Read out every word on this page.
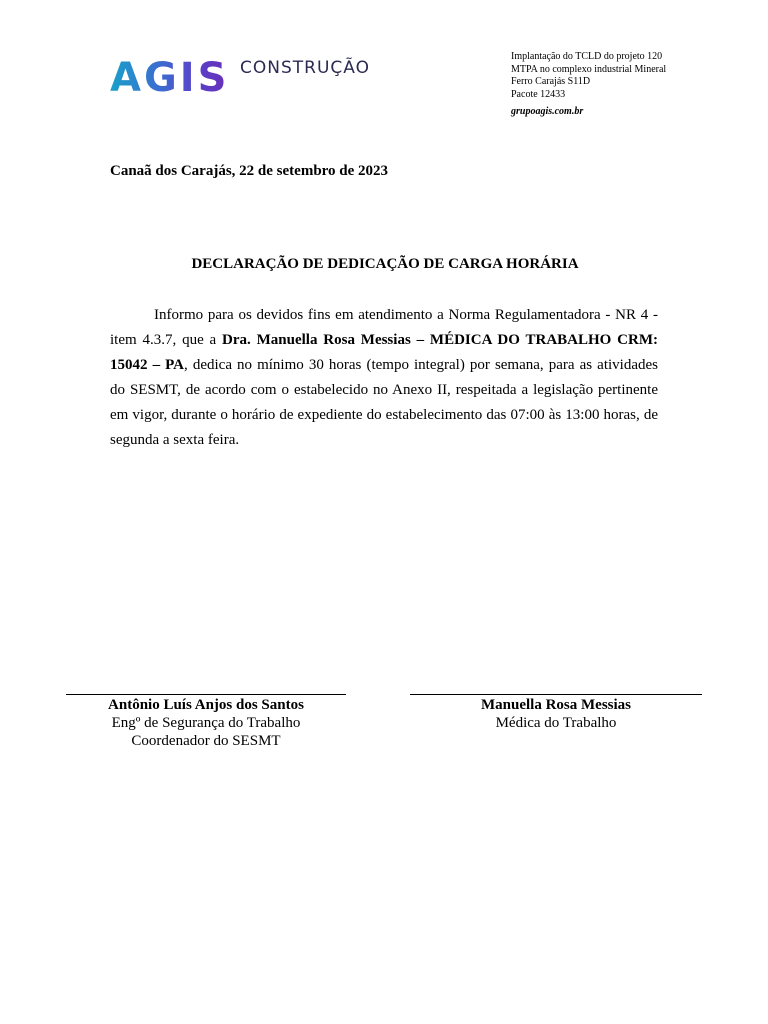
AGIS CONSTRUÇÃO
Implantação do TCLD do projeto 120
MTPA no complexo industrial Mineral
Ferro Carajás S11D
Pacote 12433
grupoagis.com.br
Canaã dos Carajás, 22 de setembro de 2023
DECLARAÇÃO DE DEDICAÇÃO DE CARGA HORÁRIA
Informo para os devidos fins em atendimento a Norma Regulamentadora - NR 4 - item 4.3.7, que a Dra. Manuella Rosa Messias – MÉDICA DO TRABALHO CRM: 15042 – PA, dedica no mínimo 30 horas (tempo integral) por semana, para as atividades do SESMT, de acordo com o estabelecido no Anexo II, respeitada a legislação pertinente em vigor, durante o horário de expediente do estabelecimento das 07:00 às 13:00 horas, de segunda a sexta feira.
Antônio Luís Anjos dos Santos
Engº de Segurança do Trabalho
Coordenador do SESMT
Manuella Rosa Messias
Médica do Trabalho
